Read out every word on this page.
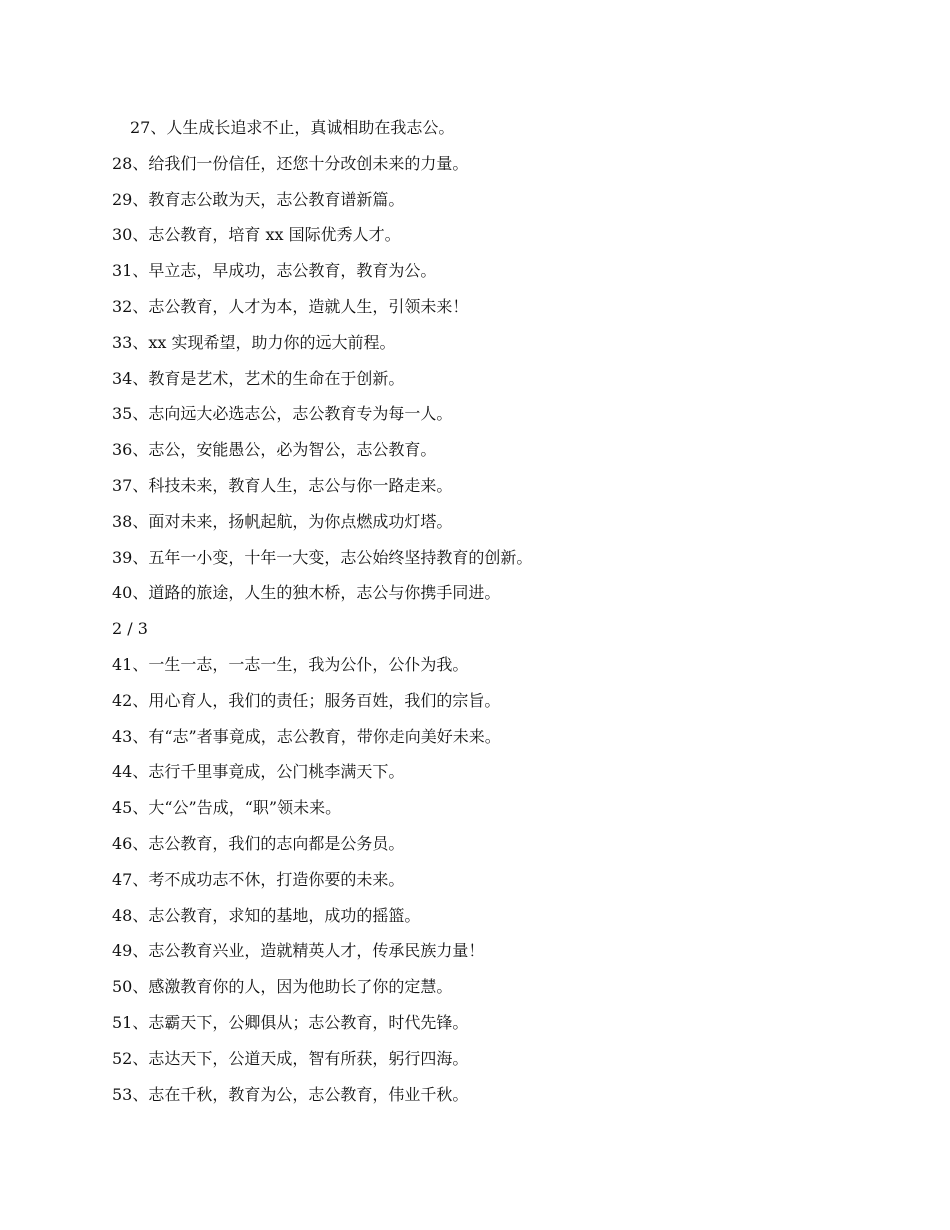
27、人生成长追求不止，真诚相助在我志公。
28、给我们一份信任，还您十分改创未来的力量。
29、教育志公敢为天，志公教育谱新篇。
30、志公教育，培育 xx 国际优秀人才。
31、早立志，早成功，志公教育，教育为公。
32、志公教育，人才为本，造就人生，引领未来！
33、xx 实现希望，助力你的远大前程。
34、教育是艺术，艺术的生命在于创新。
35、志向远大必选志公，志公教育专为每一人。
36、志公，安能愚公，必为智公，志公教育。
37、科技未来，教育人生，志公与你一路走来。
38、面对未来，扬帆起航，为你点燃成功灯塔。
39、五年一小变，十年一大变，志公始终坚持教育的创新。
40、道路的旅途，人生的独木桥，志公与你携手同进。
2 / 3
41、一生一志，一志一生，我为公仆，公仆为我。
42、用心育人，我们的责任；服务百姓，我们的宗旨。
43、有“志”者事竟成，志公教育，带你走向美好未来。
44、志行千里事竟成，公门桃李满天下。
45、大“公”告成，“职”领未来。
46、志公教育，我们的志向都是公务员。
47、考不成功志不休，打造你要的未来。
48、志公教育，求知的基地，成功的摇篮。
49、志公教育兴业，造就精英人才，传承民族力量！
50、感激教育你的人，因为他助长了你的定慧。
51、志霸天下，公卿俱从；志公教育，时代先锋。
52、志达天下，公道天成，智有所获，躬行四海。
53、志在千秋，教育为公，志公教育，伟业千秋。
